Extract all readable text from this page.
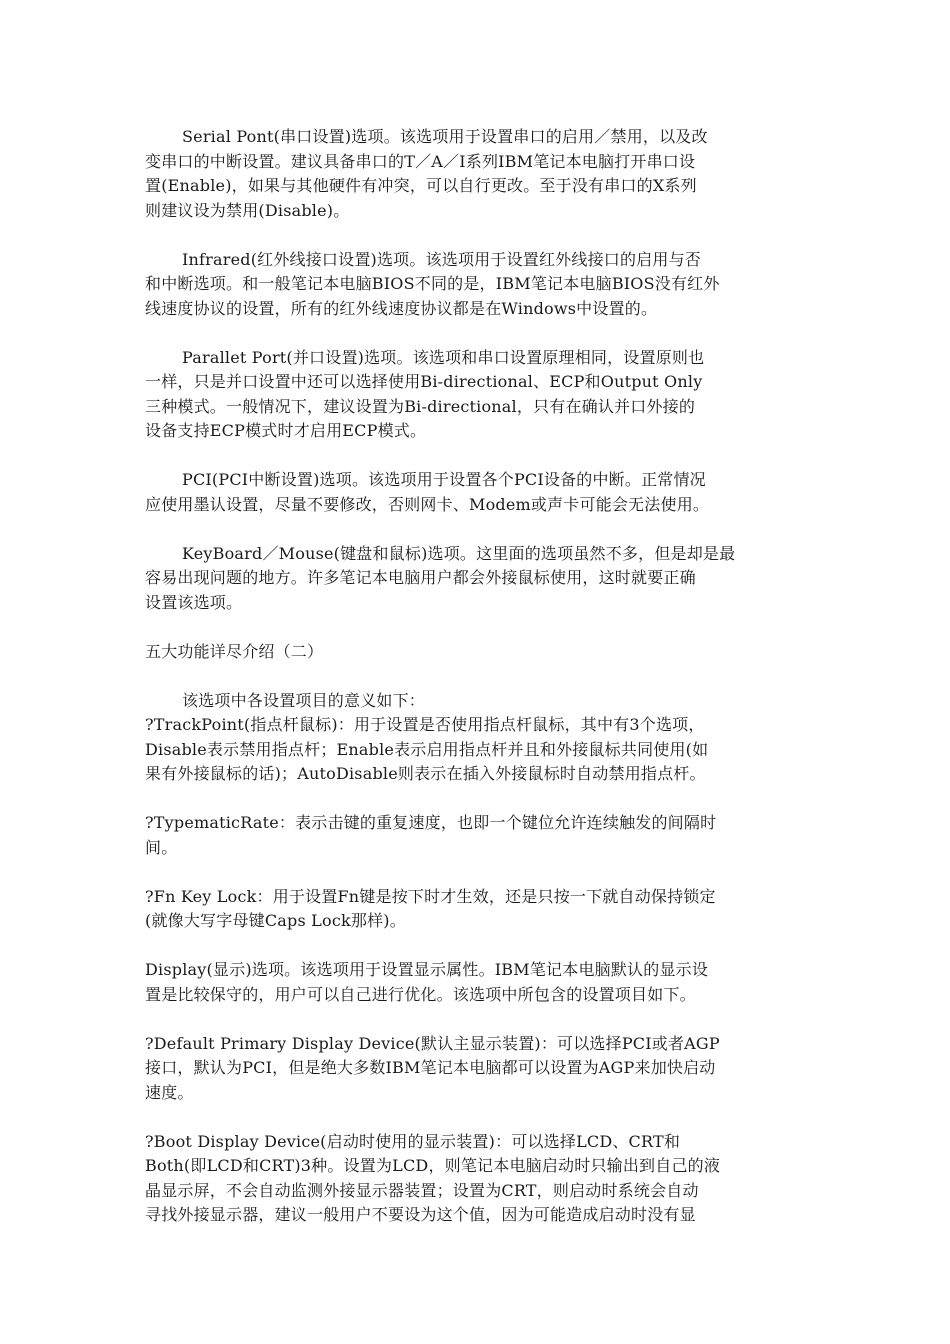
Serial Pont(串口设置)选项。该选项用于设置串口的启用／禁用，以及改
变串口的中断设置。建议具备串口的T／A／I系列IBM笔记本电脑打开串口设
置(Enable)，如果与其他硬件有冲突，可以自行更改。至于没有串口的X系列
则建议设为禁用(Disable)。

Infrared(红外线接口设置)选项。该选项用于设置红外线接口的启用与否
和中断选项。和一般笔记本电脑BIOS不同的是，IBM笔记本电脑BIOS没有红外
线速度协议的设置，所有的红外线速度协议都是在Windows中设置的。

Parallet Port(并口设置)选项。该选项和串口设置原理相同，设置原则也
一样，只是并口设置中还可以选择使用Bi-directional、ECP和Output Only
三种模式。一般情况下，建议设置为Bi-directional，只有在确认并口外接的
设备支持ECP模式时才启用ECP模式。

PCI(PCI中断设置)选项。该选项用于设置各个PCI设备的中断。正常情况
应使用墨认设置，尽量不要修改，否则网卡、Modem或声卡可能会无法使用。

KeyBoard／Mouse(键盘和鼠标)选项。这里面的选项虽然不多，但是却是最
容易出现问题的地方。许多笔记本电脑用户都会外接鼠标使用，这时就要正确
设置该选项。

五大功能详尽介绍（二）

该选项中各设置项目的意义如下：

?TrackPoint(指点杆鼠标)：用于设置是否使用指点杆鼠标，其中有3个选项，
Disable表示禁用指点杆；Enable表示启用指点杆并且和外接鼠标共同使用(如
果有外接鼠标的话)；AutoDisable则表示在插入外接鼠标时自动禁用指点杆。

?TypematicRate：表示击键的重复速度，也即一个键位允许连续触发的间隔时
间。

?Fn Key Lock：用于设置Fn键是按下时才生效，还是只按一下就自动保持锁定
(就像大写字母键Caps Lock那样)。

Display(显示)选项。该选项用于设置显示属性。IBM笔记本电脑默认的显示设
置是比较保守的，用户可以自己进行优化。该选项中所包含的设置项目如下。

?Default Primary Display Device(默认主显示装置)：可以选择PCI或者AGP
接口，默认为PCI，但是绝大多数IBM笔记本电脑都可以设置为AGP来加快启动
速度。

?Boot Display Device(启动时使用的显示装置)：可以选择LCD、CRT和
Both(即LCD和CRT)3种。设置为LCD，则笔记本电脑启动时只输出到自己的液
晶显示屏，不会自动监测外接显示器装置；设置为CRT，则启动时系统会自动
寻找外接显示器，建议一般用户不要设为这个值，因为可能造成启动时没有显
